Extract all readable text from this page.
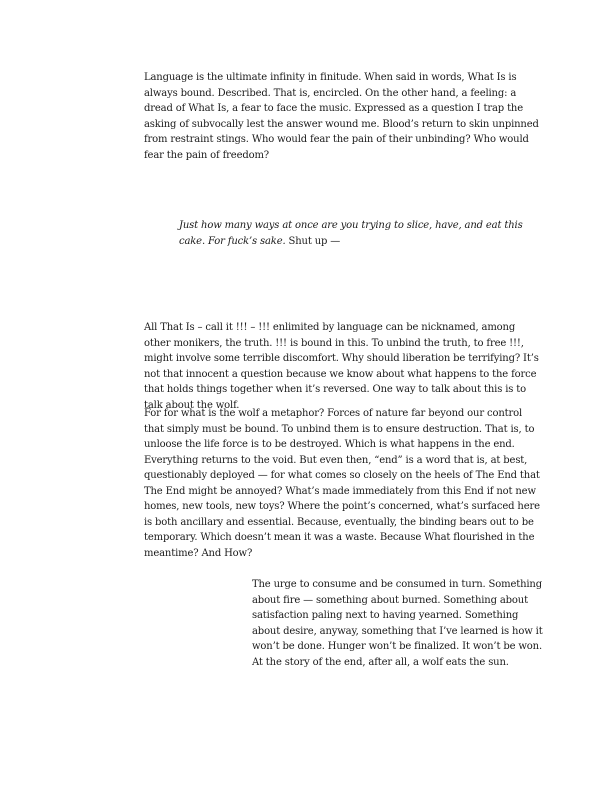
Language is the ultimate infinity in finitude. When said in words, What Is is always bound. Described. That is, encircled. On the other hand, a feeling: a dread of What Is, a fear to face the music. Expressed as a question I trap the asking of subvocally lest the answer wound me. Blood’s return to skin unpinned from restraint stings. Who would fear the pain of their unbinding? Who would fear the pain of freedom?

Just how many ways at once are you trying to slice, have, and eat this cake. For fuck’s sake. Shut up —

All That Is – call it !!! – !!! enlimited by language can be nicknamed, among other monikers, the truth. !!! is bound in this. To unbind the truth, to free !!!, might involve some terrible discomfort. Why should liberation be terrifying? It’s not that innocent a question because we know about what happens to the force that holds things together when it’s reversed. One way to talk about this is to talk about the wolf.

For for what is the wolf a metaphor? Forces of nature far beyond our control that simply must be bound. To unbind them is to ensure destruction. That is, to unloose the life force is to be destroyed. Which is what happens in the end. Everything returns to the void. But even then, “end” is a word that is, at best, questionably deployed — for what comes so closely on the heels of The End that The End might be annoyed? What’s made immediately from this End if not new homes, new tools, new toys? Where the point’s concerned, what’s surfaced here is both ancillary and essential. Because, eventually, the binding bears out to be temporary. Which doesn’t mean it was a waste. Because What flourished in the meantime? And How?

The urge to consume and be consumed in turn. Something about fire — something about burned. Something about satisfaction paling next to having yearned. Something about desire, anyway, something that I’ve learned is how it won’t be done. Hunger won’t be finalized. It won’t be won. At the story of the end, after all, a wolf eats the sun.
